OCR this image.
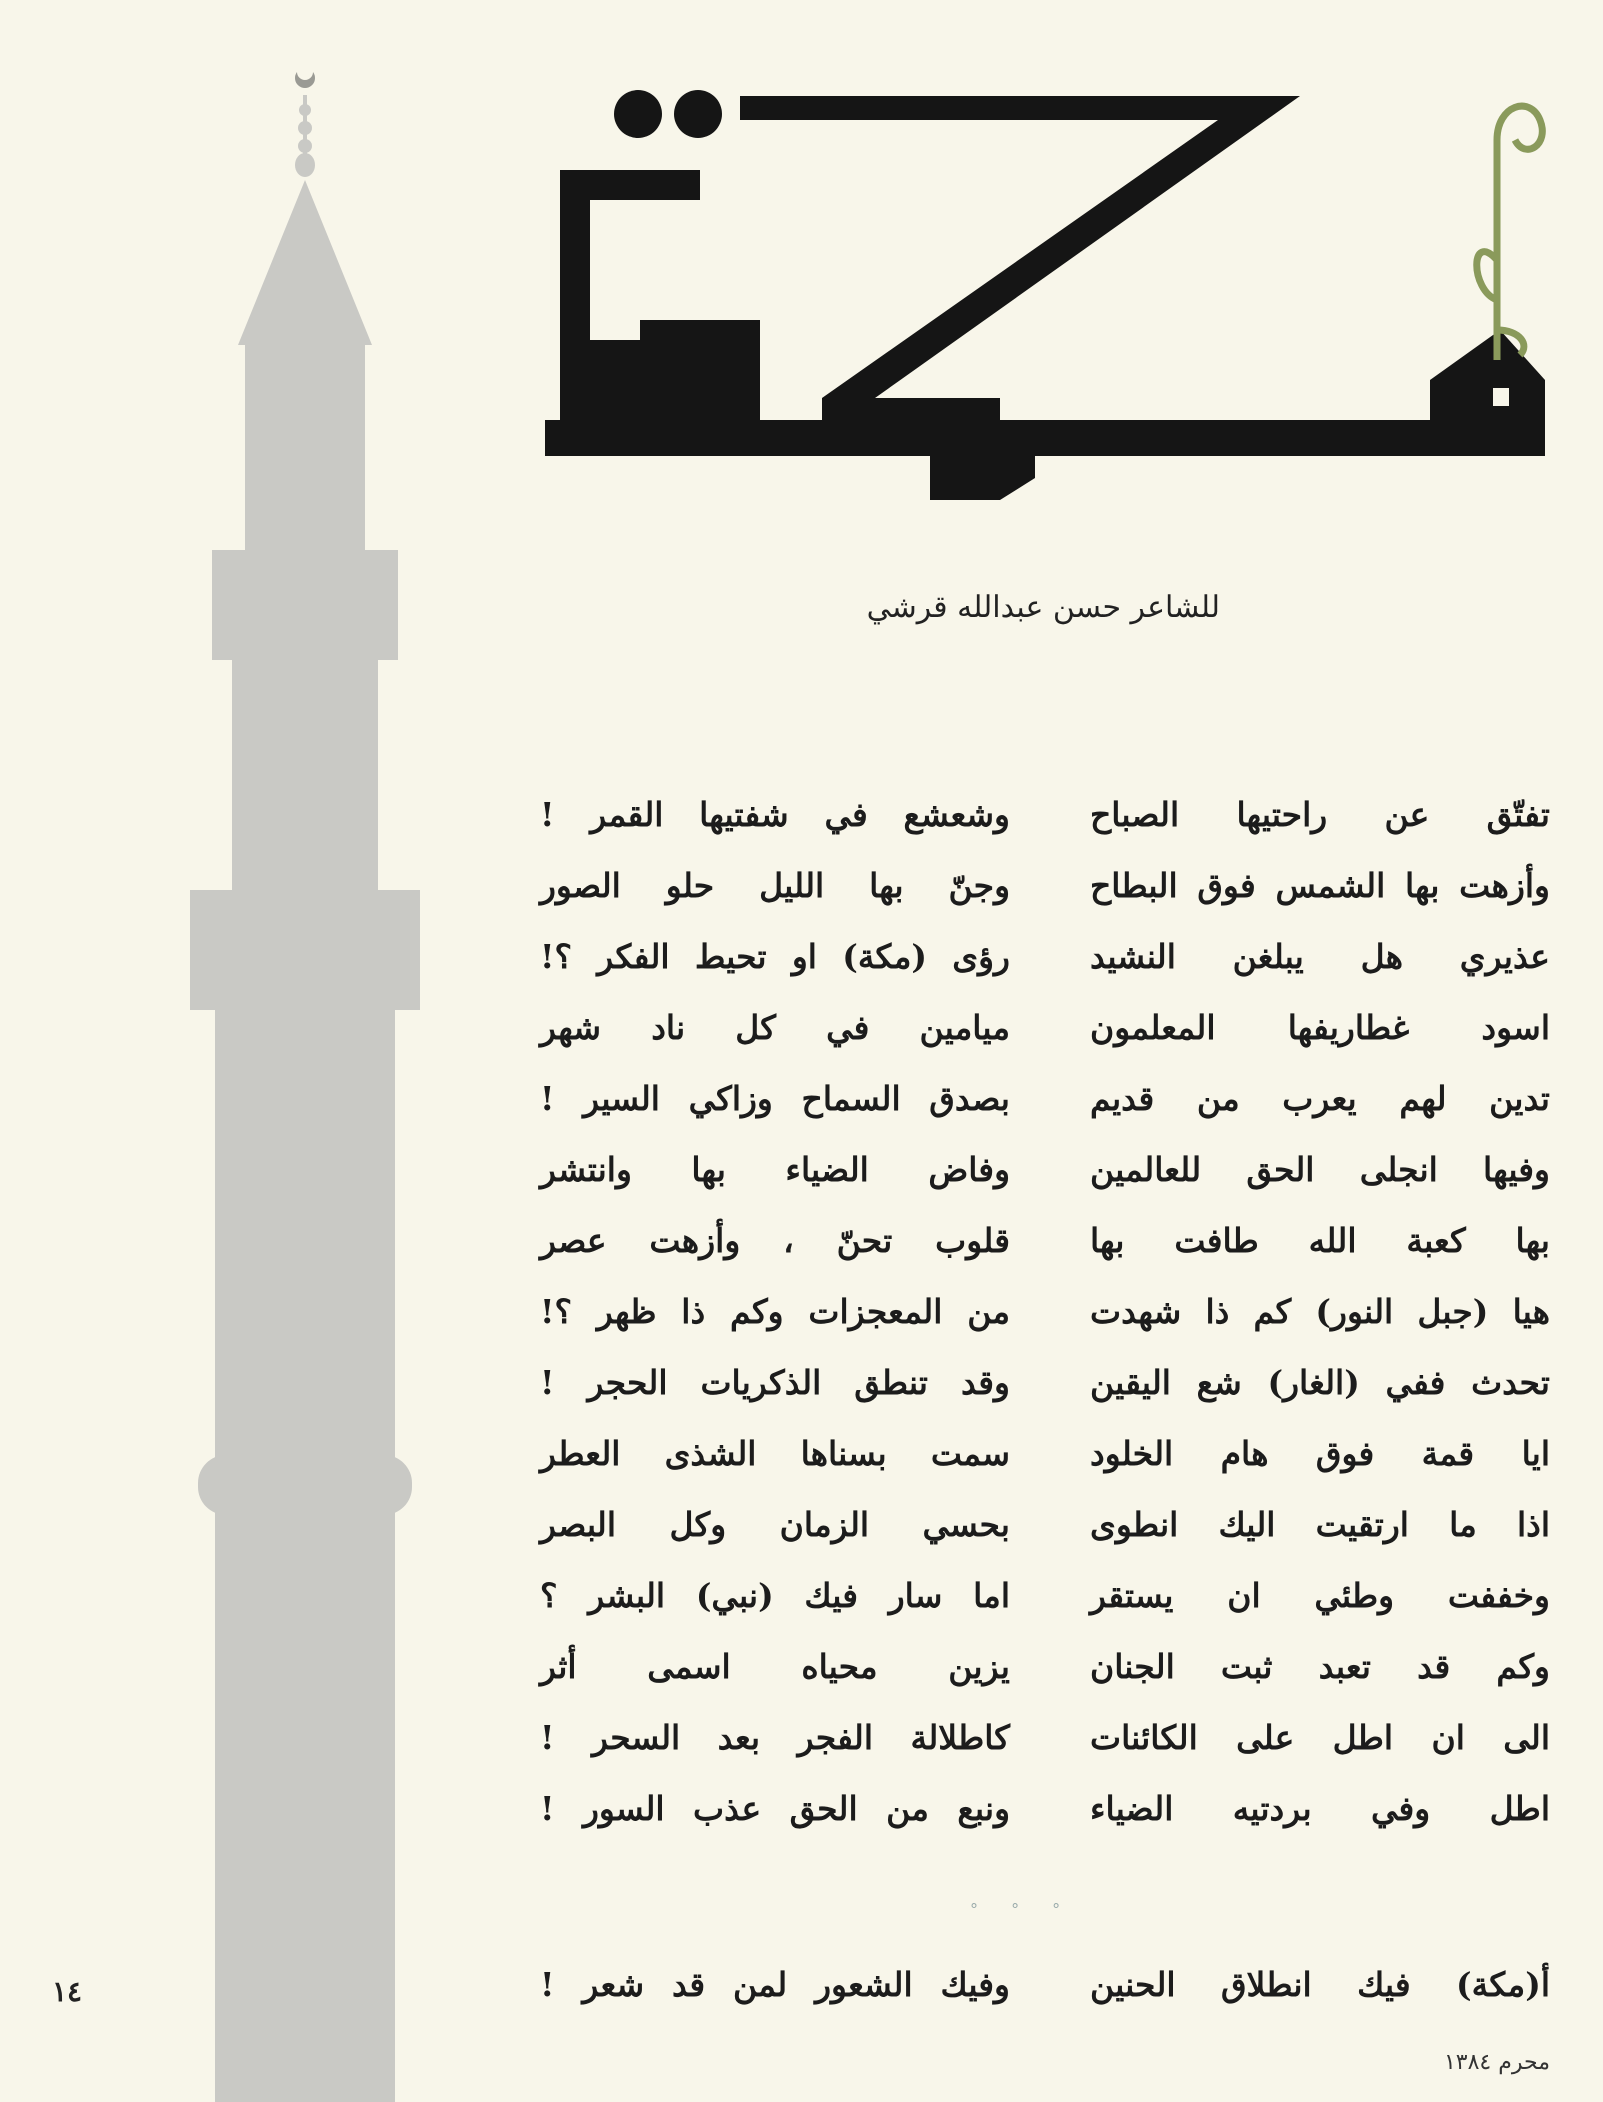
للشاعر حسن عبدالله قرشي
تفتّق عن راحتيها الصباح
وشعشع في شفتيها القمر !
وأزهت بها الشمس فوق البطاح
وجنّ بها الليل حلو الصور
عذيري هل يبلغن النشيد
رؤى (مكة) او تحيط الفكر ؟!
اسود غطاريفها المعلمون
ميامين في كل ناد شهر
تدين لهم يعرب من قديم
بصدق السماح وزاكي السير !
وفيها انجلى الحق للعالمين
وفاض الضياء بها وانتشر
بها كعبة الله طافت بها
قلوب تحنّ ، وأزهت عصر
هيا (جبل النور) كم ذا شهدت
من المعجزات وكم ذا ظهر ؟!
تحدث ففي (الغار) شع اليقين
وقد تنطق الذكريات الحجر !
ايا قمة فوق هام الخلود
سمت بسناها الشذى العطر
اذا ما ارتقيت اليك انطوى
بحسي الزمان وكل البصر
وخففت وطئي ان يستقر
اما سار فيك (نبي) البشر ؟
وكم قد تعبد ثبت الجنان
يزين محياه اسمى أثر
الى ان اطل على الكائنات
كاطلالة الفجر بعد السحر !
اطل وفي بردتيه الضياء
ونبع من الحق عذب السور !
° ° °
أ(مكة) فيك انطلاق الحنين
وفيك الشعور لمن قد شعر !
١٤
محرم ١٣٨٤
